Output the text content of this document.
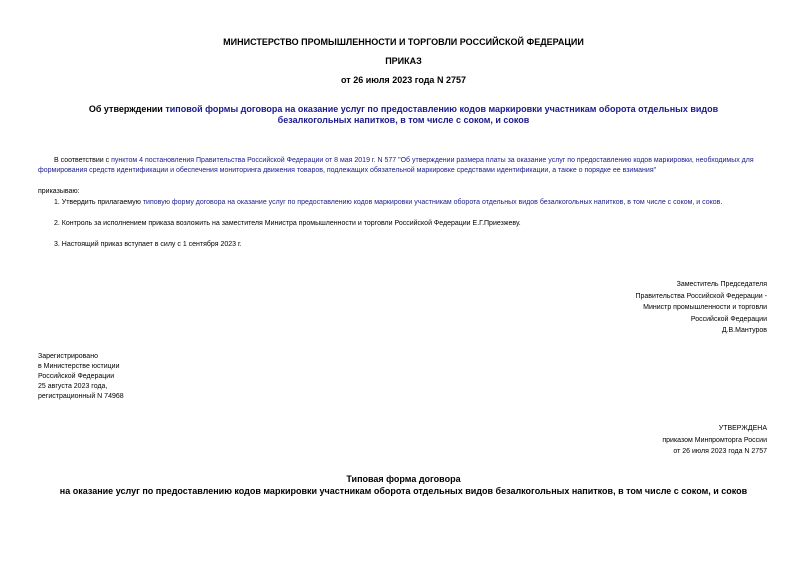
МИНИСТЕРСТВО ПРОМЫШЛЕННОСТИ И ТОРГОВЛИ РОССИЙСКОЙ ФЕДЕРАЦИИ
ПРИКАЗ
от 26 июля 2023 года N 2757
Об утверждении типовой формы договора на оказание услуг по предоставлению кодов маркировки участникам оборота отдельных видов безалкогольных напитков, в том числе с соком, и соков
В соответствии с пунктом 4 постановления Правительства Российской Федерации от 8 мая 2019 г. N 577 "Об утверждении размера платы за оказание услуг по предоставлению кодов маркировки, необходимых для формирования средств идентификации и обеспечения мониторинга движения товаров, подлежащих обязательной маркировке средствами идентификации, а также о порядке ее взимания"
приказываю:
1. Утвердить прилагаемую типовую форму договора на оказание услуг по предоставлению кодов маркировки участникам оборота отдельных видов безалкогольных напитков, в том числе с соком, и соков.
2. Контроль за исполнением приказа возложить на заместителя Министра промышленности и торговли Российской Федерации Е.Г.Приезжеву.
3. Настоящий приказ вступает в силу с 1 сентября 2023 г.
Заместитель Председателя
Правительства Российской Федерации -
Министр промышленности и торговли
Российской Федерации
Д.В.Мантуров
Зарегистрировано
в Министерстве юстиции
Российской Федерации
25 августа 2023 года,
регистрационный N 74968
УТВЕРЖДЕНА
приказом Минпромторга России
от 26 июля 2023 года N 2757
Типовая форма договора
на оказание услуг по предоставлению кодов маркировки участникам оборота отдельных видов безалкогольных напитков, в том числе с соком, и соков
